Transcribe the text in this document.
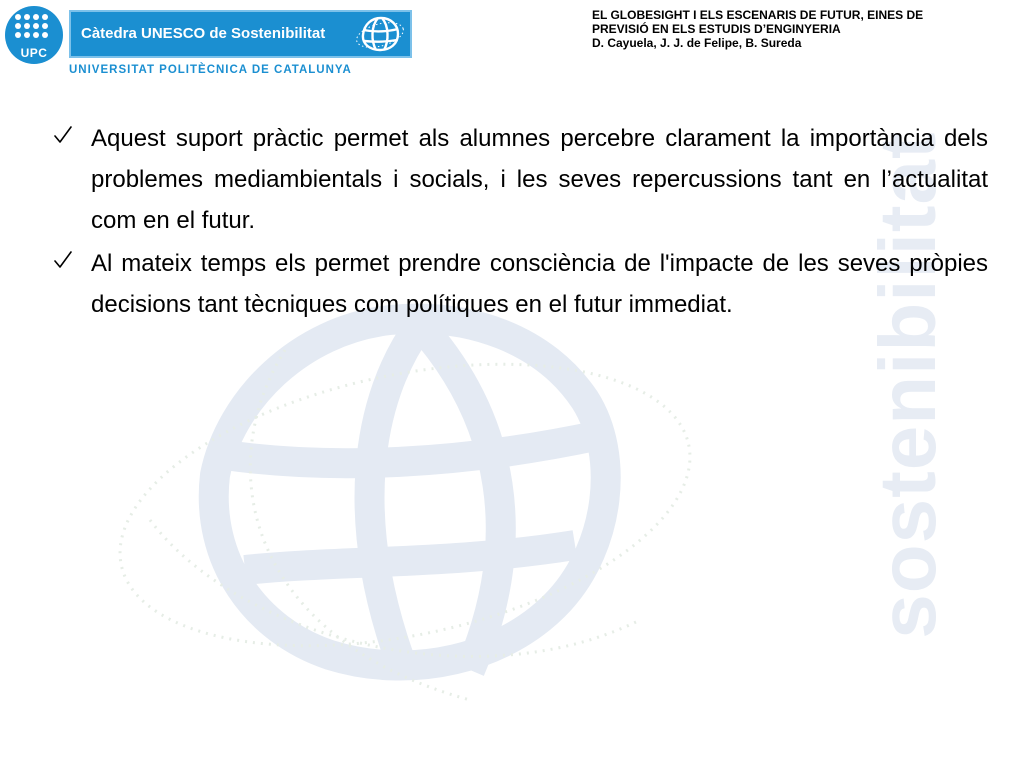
sostenibilitat
UPC
Càtedra UNESCO de Sostenibilitat
UNIVERSITAT POLITÈCNICA DE CATALUNYA
EL GLOBESIGHT I ELS ESCENARIS DE FUTUR, EINES DE
PREVISIÓ EN ELS ESTUDIS D’ENGINYERIA
D. Cayuela, J. J. de Felipe, B. Sureda

Aquest suport pràctic permet als alumnes percebre clarament la importància dels problemes mediambientals i socials, i les seves repercussions tant en l’actualitat com en el futur.

Al mateix temps els permet prendre consciència de l'impacte de les seves pròpies decisions tant tècniques com polítiques en el futur immediat.
